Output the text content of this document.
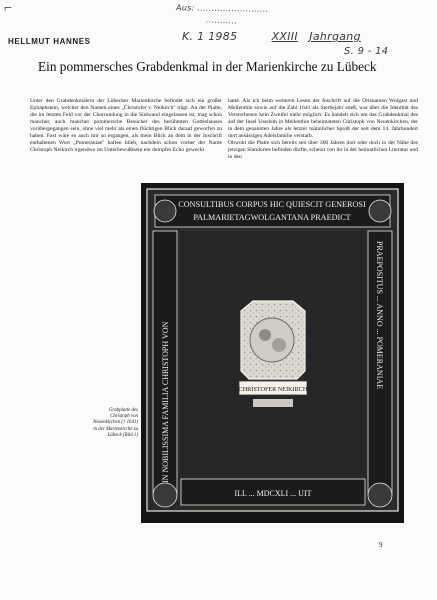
⌐	Aus: .........................
...........
K. 1 1985	XXIII Jahrgang
S. 9 - 14
HELLMUT HANNES
Ein pommersches Grabdenkmal in der Marienkirche zu Lübeck

Unter den Grabdenkmälern der Lübecker Marienkirche befindet sich ein großer Epitaphstein, welcher den Namen eines „Christofer v. Neikirch" trägt. An der Platte, die im letzten Feld vor der Chorrundung in die Südwand eingelassen ist, mag schon mancher, auch mancher pommersche Besucher des berühmten Gotteshauses vorübergegangen sein, ohne viel mehr als einen flüchtigen Blick darauf geworfen zu haben. Fast wäre es auch mir so ergangen, als mein Blick an dem in der Inschrift enthaltenen Wort „Pomeraniae" haften blieb, nachdem schon vorher der Name Christoph Neikirch irgendwo im Unterbewußtsein ein dumpfes Echo geweckt

hatte. Als ich beim weiteren Lesen der Inschrift auf die Ortsnamen Wolgast und Mellenthin sowie auf die Zahl 1641 als Sterbejahr stieß, war über die Identität des Verstorbenen kein Zweifel mehr möglich: Es handelt sich um das Grabdenkmal des auf der Insel Usedom in Mellenthin beheimateten Christoph von Neuenkirchen, der in dem genannten Jahre als letzter männlicher Sproß der seit dem 14. Jahrhundert dort ansässigen Adelsfamilie verstarb.

Obwohl die Platte sich bereits seit über 300 Jahren dort oder doch in der Nähe des jetzigen Standortes befinden dürfte, scheint von ihr in der heimatlichen Literatur und in den

CONSULTIBUS CORPUS HIC QUIESCIT GENEROSI
PALMARIETAGWOLGANTANA PRAEDICT
IN NOBILISSIMA FAMILIA CHRISTOPH VON
PRAEPOSITUS ... ANNO ... POMERANIAE
ILL ... MDCXLI ... UIT
CHRISTOFER NEIKIRCH
Grabplatte des Christoph von Neuenkirchen († 1641) in der Marienkirche zu Lübeck (Bild 1)
9
